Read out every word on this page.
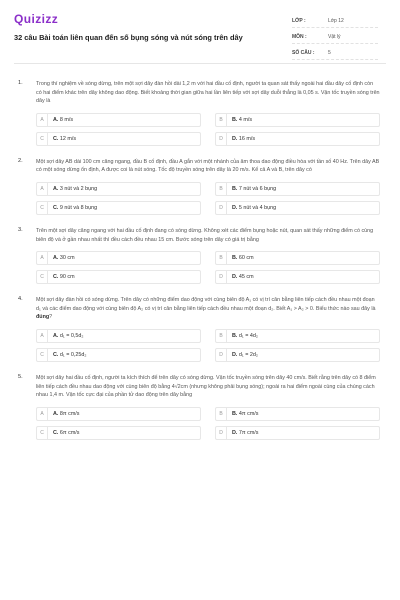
Quizizz
32 câu Bài toán liên quan đến số bụng sóng và nút sóng trên dây
LỚP :	Lớp 12
MÔN :	Vật lý
SỐ CÂU :	5
1. Trong thí nghiệm về sóng dừng, trên một sợi dây đàn hồi dài 1,2 m với hai đầu cố định, người ta quan sát thấy ngoài hai đầu dây cố định còn có hai điểm khác trên dây không dao động. Biết khoảng thời gian giữa hai lần liên tiếp với sợi dây duỗi thẳng là 0,05 s. Vận tốc truyền sóng trên dây là
A	A. 8 m/s	B	B. 4 m/s
C	C. 12 m/s	D	D. 16 m/s
2. Một sợi dây AB dài 100 cm căng ngang, đầu B cố định, đầu A gắn với một nhánh của âm thoa dao động điều hòa với tần số 40 Hz. Trên dây AB có một sóng dừng ổn định, A được coi là nút sóng. Tốc độ truyền sóng trên dây là 20 m/s. Kể cả A và B, trên dây có
A	A. 3 nút và 2 bụng	B	B. 7 nút và 6 bụng
C	C. 9 nút và 8 bụng	D	D. 5 nút và 4 bụng
3. Trên một sợi dây căng ngang với hai đầu cố định đang có sóng dừng. Không xét các điểm bụng hoặc nút, quan sát thấy những điểm có cùng biên độ và ở gần nhau nhất thì đều cách đều nhau 15 cm. Bước sóng trên dây có giá trị bằng
A	A. 30 cm	B	B. 60 cm
C	C. 90 cm	D	D. 45 cm
4. Một sợi dây đàn hồi có sóng dừng. Trên dây có những điểm dao động với cùng biên độ A₁ có vị trí cân bằng liên tiếp cách đều nhau một đoạn d₁ và các điểm dao động với cùng biên độ A₂ có vị trí cân bằng liên tiếp cách đều nhau một đoạn d₂. Biết A₁ > A₂ > 0. Biểu thức nào sau đây là đúng?
A	A. d₁ = 0,5d₂	B	B. d₁ = 4d₂
C	C. d₁ = 0,25d₂	D	D. d₁ = 2d₂
5. Một sợi dây hai đầu cố định, người ta kích thích để trên dây có sóng dừng. Vận tốc truyền sóng trên dây 40 cm/s. Biết rằng trên dây có 8 điểm liên tiếp cách đều nhau dao động với cùng biên độ bằng 4√2cm (nhưng không phải bụng sóng); ngoài ra hai điểm ngoài cùng của chúng cách nhau 1,4 m. Vận tốc cực đại của phần tử dao động trên dây bằng
A	A. 8π cm/s	B	B. 4π cm/s
C	C. 6π cm/s	D	D. 7π cm/s
